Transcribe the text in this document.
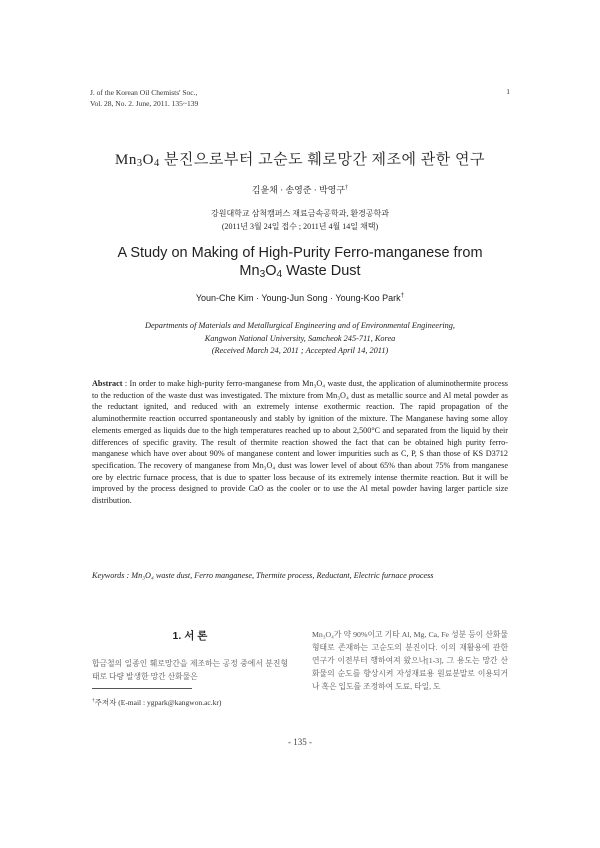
J. of the Korean Oil Chemists' Soc.,
Vol. 28, No. 2. June, 2011. 135~139
1
$Mn_3O_4$ 분진으로부터 고순도 훼로망간 제조에 관한 연구
김윤채 · 송영준 · 박영구†
강원대학교 삼척캠퍼스 재료금속공학과, 환경공학과
(2011년 3월 24일 접수 ; 2011년 4월 14일 채택)
A Study on Making of High-Purity Ferro-manganese from
$Mn_3O_4$ Waste Dust
Youn-Che Kim · Young-Jun Song · Young-Koo Park†
Departments of Materials and Metallurgical Engineering and of Environmental Engineering,
Kangwon National University, Samcheok 245-711, Korea
(Received March 24, 2011 ; Accepted April 14, 2011)
Abstract : In order to make high-purity ferro-manganese from Mn₃O₄ waste dust, the application of aluminothermite process to the reduction of the waste dust was investigated. The mixture from Mn₃O₄ dust as metallic source and Al metal powder as the reductant ignited, and reduced with an extremely intense exothermic reaction. The rapid propagation of the aluminothermite reaction occurred spontaneously and stably by ignition of the mixture. The Manganese having some alloy elements emerged as liquids due to the high temperatures reached up to about 2,500°C and separated from the liquid by their differences of specific gravity. The result of thermite reaction showed the fact that can be obtained high purity ferro-manganese which have over about 90% of manganese content and lower impurities such as C, P, S than those of KS D3712 specification. The recovery of manganese from Mn₃O₄ dust was lower level of about 65% than about 75% from manganese ore by electric furnace process, that is due to spatter loss because of its extremely intense thermite reaction. But it will be improved by the process designed to provide CaO as the cooler or to use the Al metal powder having larger particle size distribution.
Keywords : Mn₃O₄ waste dust, Ferro manganese, Thermite process, Reductant, Electric furnace process
1. 서 론
합금철의 일종인 훼로망간을 제조하는 공정 중에서 분진형태로 다량 발생한 망간 산화물은
†주저자 (E-mail : ygpark@kangwon.ac.kr)
Mn₃O₄가 약 90%이고 기타 Al, Mg, Ca, Fe 성분 등이 산화물 형태로 존재하는 고순도의 분진이다. 이의 재활용에 관한 연구가 이전부터 행하여져 왔으나[1-3], 그 용도는 망간 산화물의 순도를 향상시켜 자성재료용 원료분말로 이용되거나 혹은 입도를 조정하여 도료, 타일, 도
- 135 -
